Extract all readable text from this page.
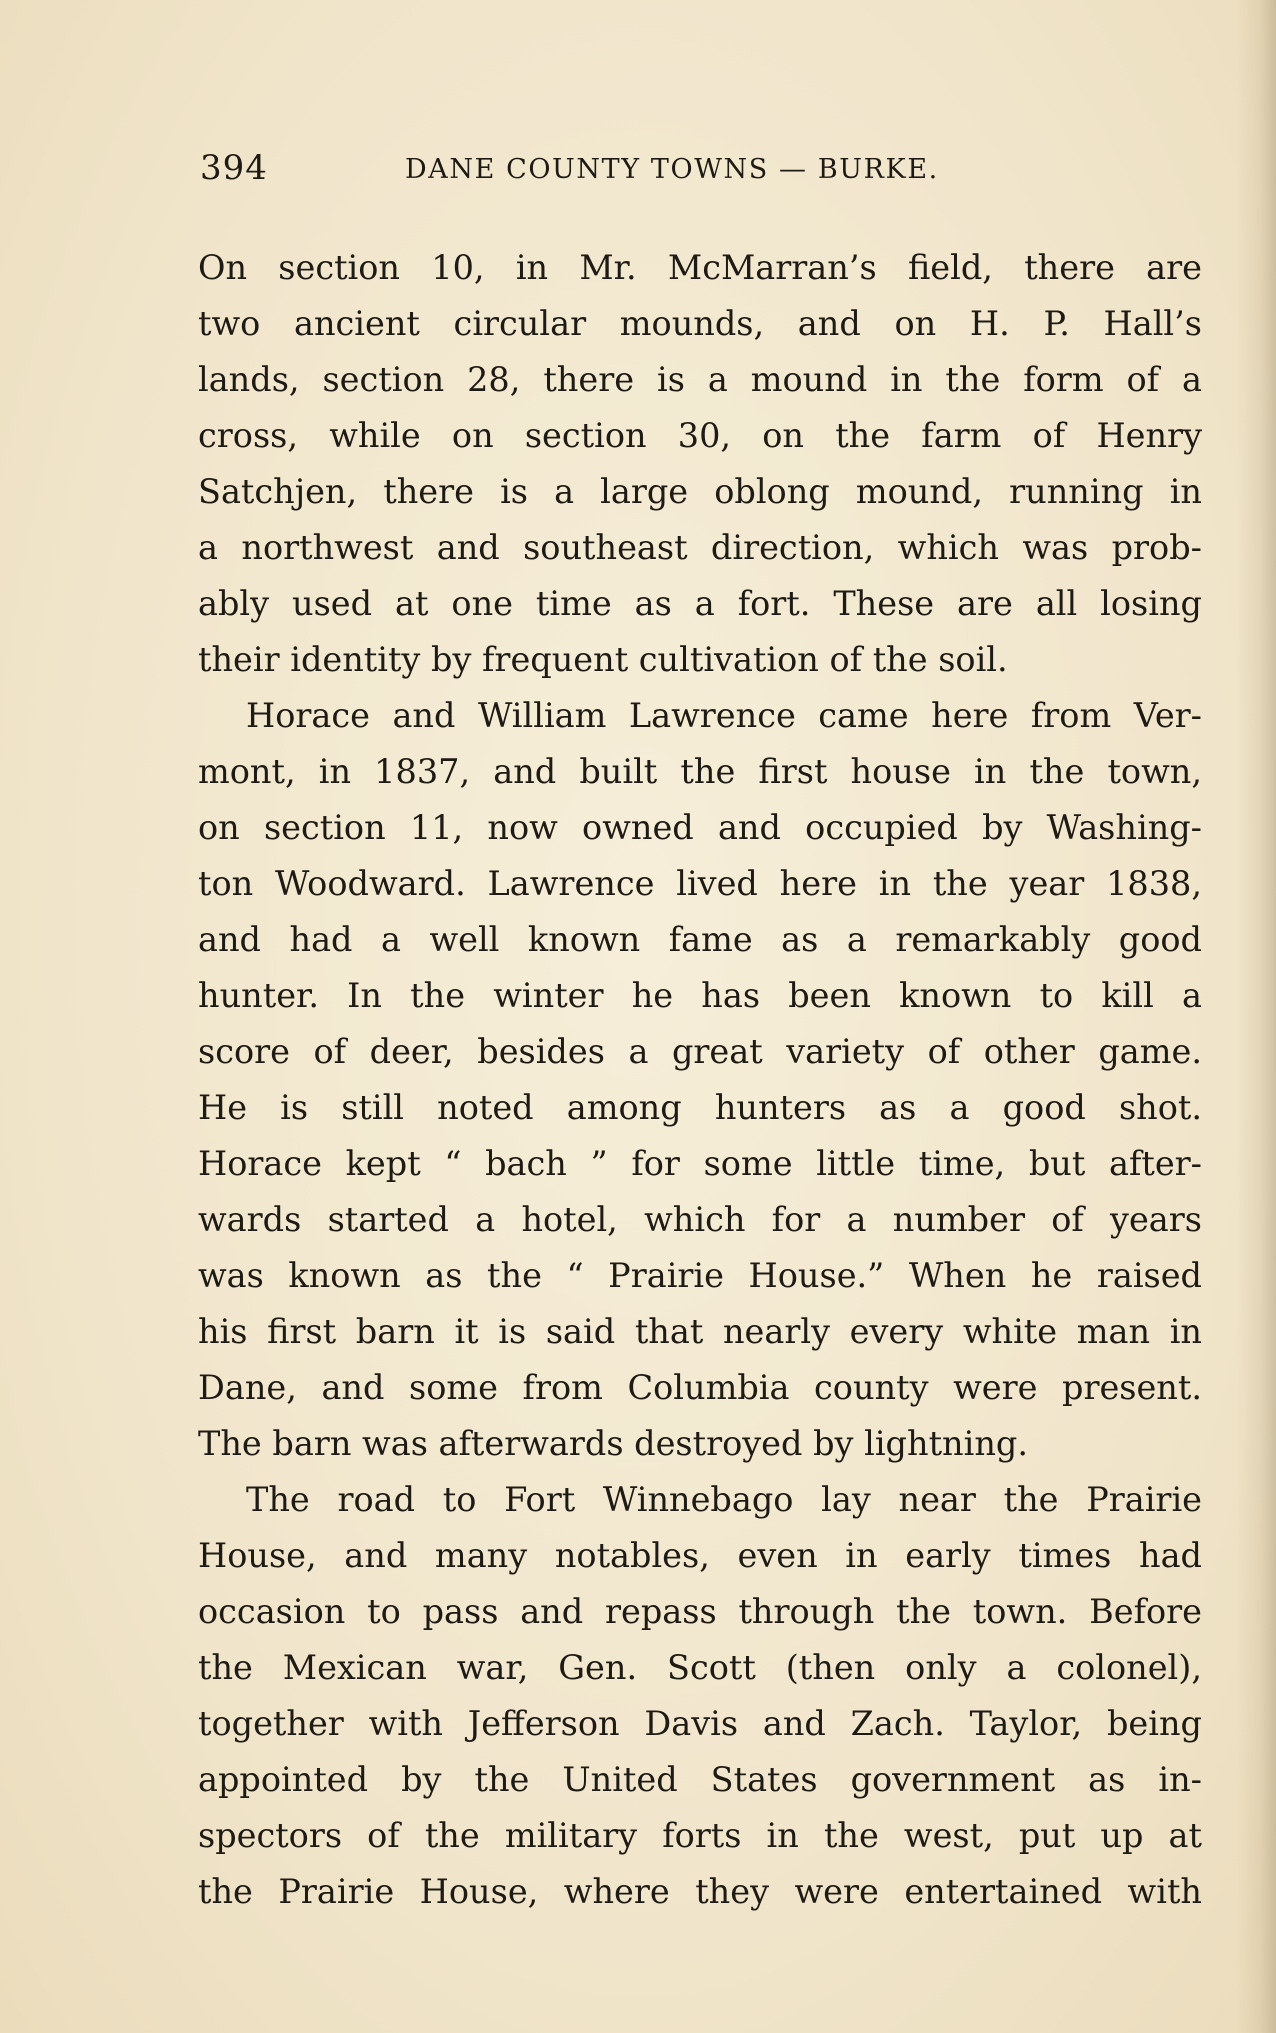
394	DANE COUNTY TOWNS — BURKE.
On section 10, in Mr. McMarran’s field, there are
two ancient circular mounds, and on H. P. Hall’s
lands, section 28, there is a mound in the form of a
cross, while on section 30, on the farm of Henry
Satchjen, there is a large oblong mound, running in
a northwest and southeast direction, which was prob-
ably used at one time as a fort. These are all losing
their identity by frequent cultivation of the soil.
Horace and William Lawrence came here from Ver-
mont, in 1837, and built the first house in the town,
on section 11, now owned and occupied by Washing-
ton Woodward. Lawrence lived here in the year 1838,
and had a well known fame as a remarkably good
hunter. In the winter he has been known to kill a
score of deer, besides a great variety of other game.
He is still noted among hunters as a good shot.
Horace kept “ bach ” for some little time, but after-
wards started a hotel, which for a number of years
was known as the “ Prairie House.” When he raised
his first barn it is said that nearly every white man in
Dane, and some from Columbia county were present.
The barn was afterwards destroyed by lightning.
The road to Fort Winnebago lay near the Prairie
House, and many notables, even in early times had
occasion to pass and repass through the town. Before
the Mexican war, Gen. Scott (then only a colonel),
together with Jefferson Davis and Zach. Taylor, being
appointed by the United States government as in-
spectors of the military forts in the west, put up at
the Prairie House, where they were entertained with
